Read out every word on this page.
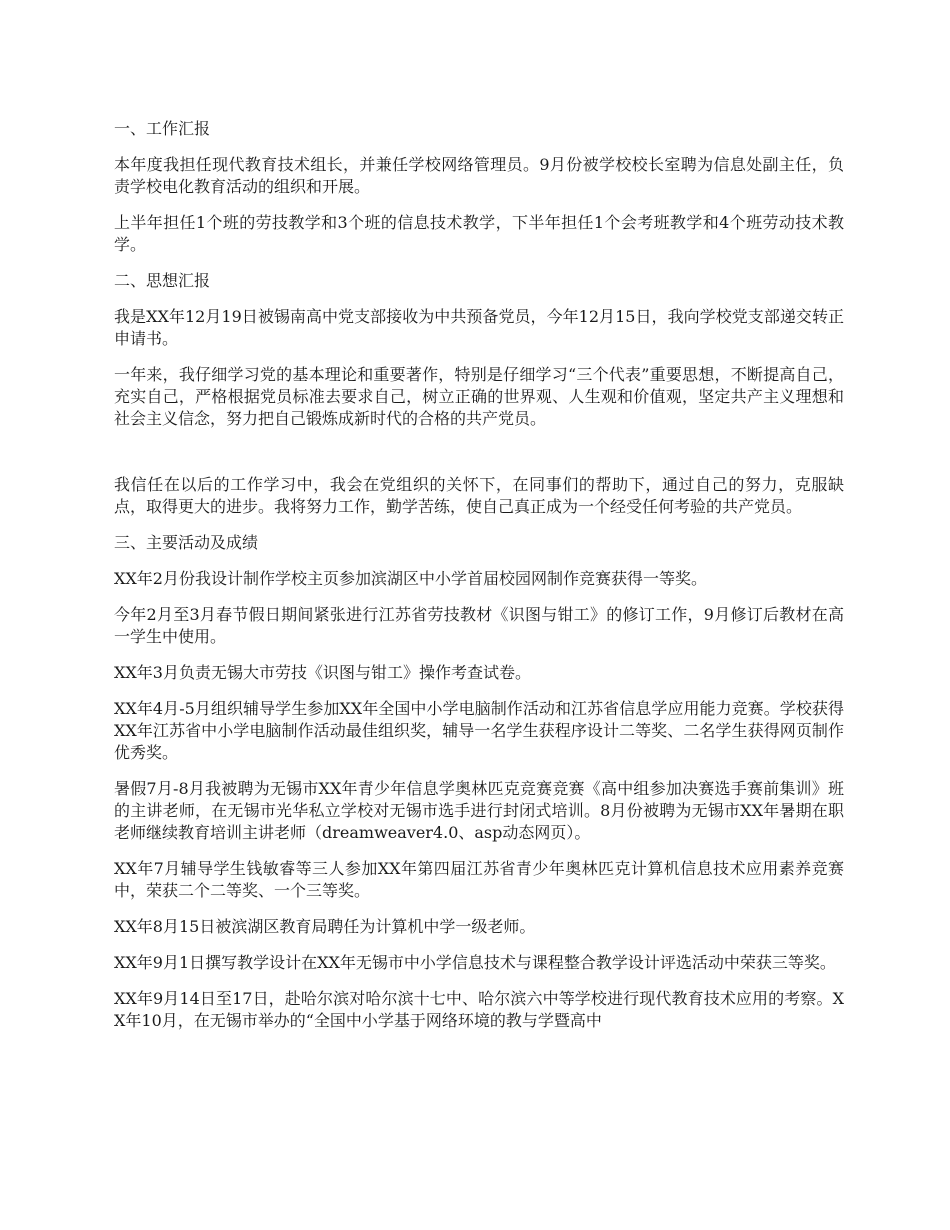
一、工作汇报

本年度我担任现代教育技术组长，并兼任学校网络管理员。9月份被学校校长室聘为信息处副主任，负责学校电化教育活动的组织和开展。

上半年担任1个班的劳技教学和3个班的信息技术教学，下半年担任1个会考班教学和4个班劳动技术教学。

二、思想汇报

我是XX年12月19日被锡南高中党支部接收为中共预备党员，今年12月15日，我向学校党支部递交转正申请书。

一年来，我仔细学习党的基本理论和重要著作，特别是仔细学习“三个代表”重要思想，不断提高自己，充实自己，严格根据党员标准去要求自己，树立正确的世界观、人生观和价值观，坚定共产主义理想和社会主义信念，努力把自己锻炼成新时代的合格的共产党员。

我信任在以后的工作学习中，我会在党组织的关怀下，在同事们的帮助下，通过自己的努力，克服缺点，取得更大的进步。我将努力工作，勤学苦练，使自己真正成为一个经受任何考验的共产党员。

三、主要活动及成绩

XX年2月份我设计制作学校主页参加滨湖区中小学首届校园网制作竞赛获得一等奖。

今年2月至3月春节假日期间紧张进行江苏省劳技教材《识图与钳工》的修订工作，9月修订后教材在高一学生中使用。

XX年3月负责无锡大市劳技《识图与钳工》操作考查试卷。

XX年4月-5月组织辅导学生参加XX年全国中小学电脑制作活动和江苏省信息学应用能力竞赛。学校获得XX年江苏省中小学电脑制作活动最佳组织奖，辅导一名学生获程序设计二等奖、二名学生获得网页制作优秀奖。

暑假7月-8月我被聘为无锡市XX年青少年信息学奥林匹克竞赛竞赛《高中组参加决赛选手赛前集训》班的主讲老师，在无锡市光华私立学校对无锡市选手进行封闭式培训。8月份被聘为无锡市XX年暑期在职老师继续教育培训主讲老师（dreamweaver4.0、asp动态网页）。

XX年7月辅导学生钱敏睿等三人参加XX年第四届江苏省青少年奥林匹克计算机信息技术应用素养竞赛中，荣获二个二等奖、一个三等奖。

XX年8月15日被滨湖区教育局聘任为计算机中学一级老师。

XX年9月1日撰写教学设计在XX年无锡市中小学信息技术与课程整合教学设计评选活动中荣获三等奖。

XX年9月14日至17日，赴哈尔滨对哈尔滨十七中、哈尔滨六中等学校进行现代教育技术应用的考察。XX年10月，在无锡市举办的“全国中小学基于网络环境的教与学暨高中
